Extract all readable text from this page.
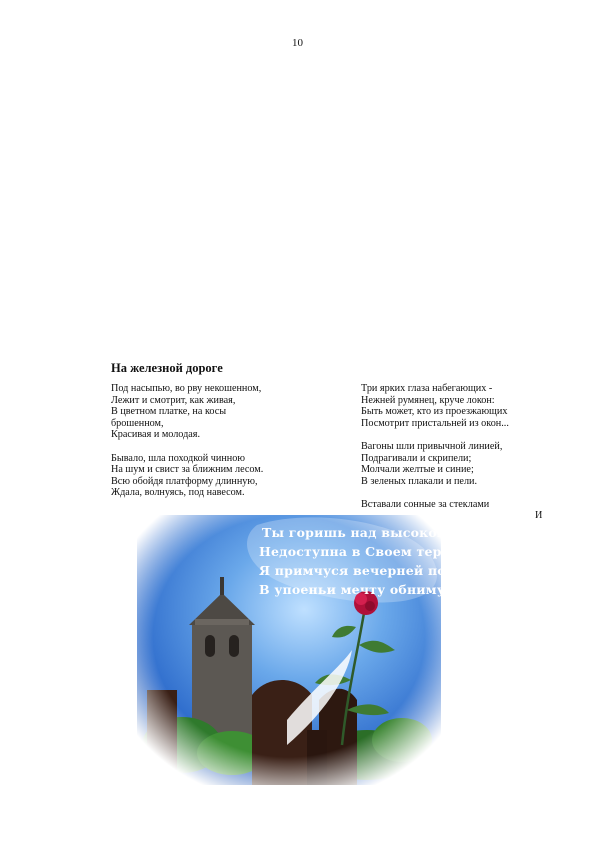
10
На железной дороге
Под насыпью, во рву некошенном,
Лежит и смотрит, как живая,
В цветном платке, на косы
брошенном,
Красивая и молодая.
Бывало, шла походкой чинною
На шум и свист за ближним лесом.
Всю обойдя платформу длинную,
Ждала, волнуясь, под навесом.
Три ярких глаза набегающих -
Нежней румянец, круче локон:
Быть может, кто из проезжающих
Посмотрит пристальней из окон...
Вагоны шли привычной линией,
Подрагивали и скрипели;
Молчали желтые и синие;
В зеленых плакали и пели.
Вставали сонные за стеклами
И
Ты горишь над высокой горою,
Недоступна в Своем терему.
Я примчуся вечерней порою,
В упоеньи мечту обниму.
